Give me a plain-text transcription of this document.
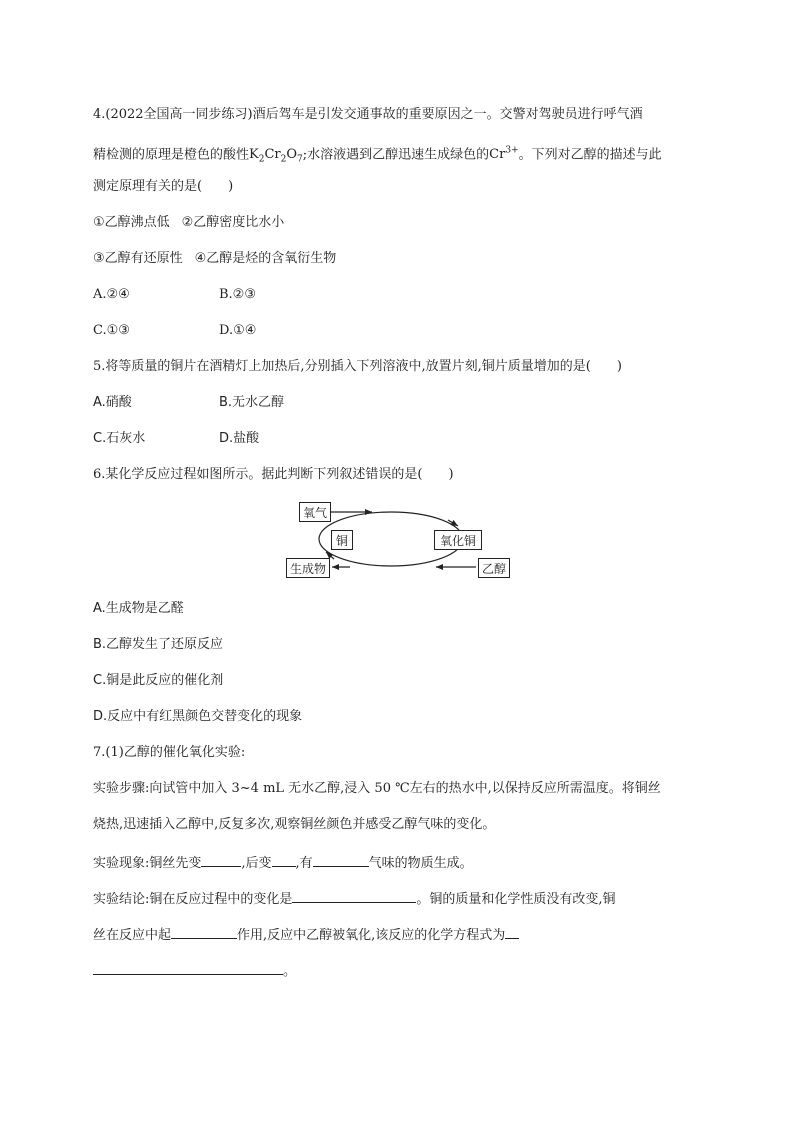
4.(2022全国高一同步练习)酒后驾车是引发交通事故的重要原因之一。交警对驾驶员进行呼气酒
精检测的原理是橙色的酸性$K_2Cr_2O_7$;水溶液遇到乙醇迅速生成绿色的$Cr^{3+}$。下列对乙醇的描述与此
测定原理有关的是( )
①乙醇沸点低 ②乙醇密度比水小
③乙醇有还原性 ④乙醇是烃的含氧衍生物
A.②④	B.②③
C.①③	D.①④
5.将等质量的铜片在酒精灯上加热后,分别插入下列溶液中,放置片刻,铜片质量增加的是( )
A.硝酸	B.无水乙醇
C.石灰水	D.盐酸
6.某化学反应过程如图所示。据此判断下列叙述错误的是( )
氧气
铜	氧化铜
生成物	乙醇
A.生成物是乙醛
B.乙醇发生了还原反应
C.铜是此反应的催化剂
D.反应中有红黑颜色交替变化的现象
7.(1)乙醇的催化氧化实验:
实验步骤:向试管中加入 3~4 mL 无水乙醇,浸入 50 ℃左右的热水中,以保持反应所需温度。将铜丝
烧热,迅速插入乙醇中,反复多次,观察铜丝颜色并感受乙醇气味的变化。
实验现象:铜丝先变	,后变 ,有	气味的物质生成。
实验结论:铜在反应过程中的变化是	。铜的质量和化学性质没有改变,铜
丝在反应中起	作用,反应中乙醇被氧化,该反应的化学方程式为
。
